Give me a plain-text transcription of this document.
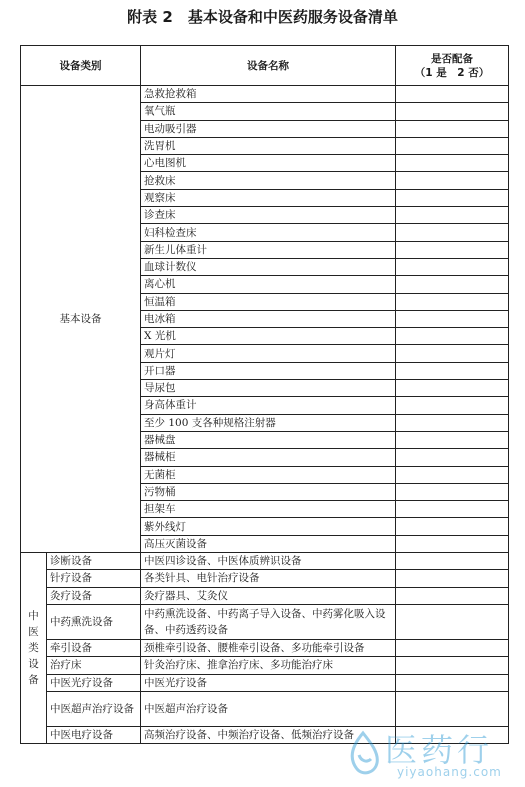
附表 2　基本设备和中医药服务设备清单
设备类别		设备名称	是否配备
（1 是　2 否）

基本设备		急救抢救箱	
		氧气瓶	
		电动吸引器	
		洗胃机	
		心电图机	
		抢救床	
		观察床	
		诊查床	
		妇科检查床	
		新生儿体重计	
		血球计数仪	
		离心机	
		恒温箱	
		电冰箱	
		X 光机	
		观片灯	
		开口器	
		导尿包	
		身高体重计	
		至少 100 支各种规格注射器	
		器械盘	
		器械柜	
		无菌柜	
		污物桶	
		担架车	
		紫外线灯	
		高压灭菌设备	

中
医
类
设
备	诊断设备	中医四诊设备、中医体质辨识设备	
	针疗设备	各类针具、电针治疗设备	
	灸疗设备	灸疗器具、艾灸仪	
	中药熏洗设备	中药熏洗设备、中药离子导入设备、中药雾化吸入设备、中药透药设备	
	牵引设备	颈椎牵引设备、腰椎牵引设备、多功能牵引设备	
	治疗床	针灸治疗床、推拿治疗床、多功能治疗床	
	中医光疗设备	中医光疗设备	
	中医超声治疗设备	中医超声治疗设备	
	中医电疗设备	高频治疗设备、中频治疗设备、低频治疗设备	医药行
yiyaohang.com
